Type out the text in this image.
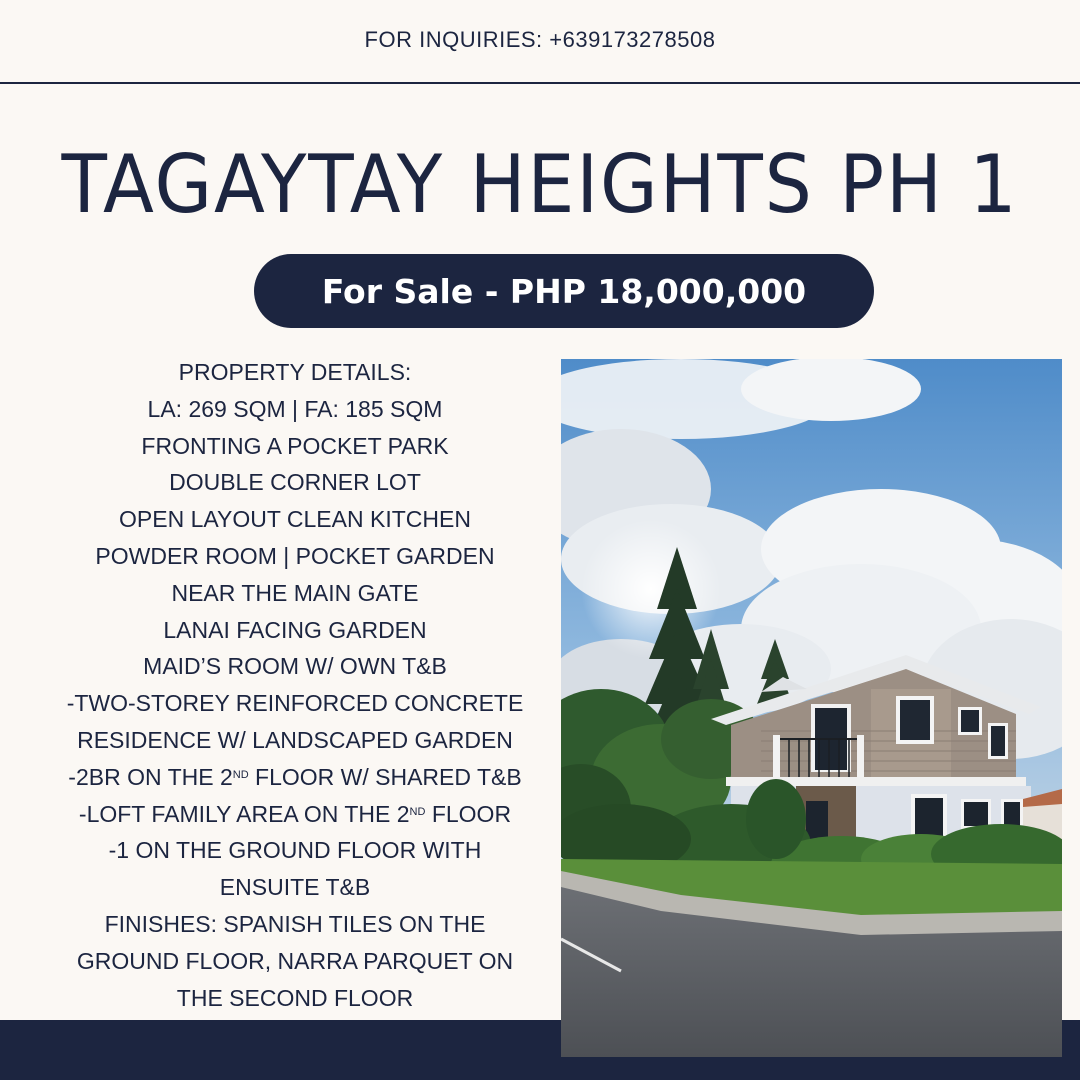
FOR INQUIRIES: +639173278508
TAGAYTAY HEIGHTS PH 1
For Sale - PHP 18,000,000
PROPERTY DETAILS:
LA: 269 SQM | FA: 185 SQM
FRONTING A POCKET PARK
DOUBLE CORNER LOT
OPEN LAYOUT CLEAN KITCHEN
POWDER ROOM | POCKET GARDEN
NEAR THE MAIN GATE
LANAI FACING GARDEN
MAID’S ROOM W/ OWN T&B
-TWO-STOREY REINFORCED CONCRETE
RESIDENCE W/ LANDSCAPED GARDEN
-2BR ON THE 2ND FLOOR W/ SHARED T&B
-LOFT FAMILY AREA ON THE 2ND FLOOR
-1 ON THE GROUND FLOOR WITH
ENSUITE T&B
FINISHES: SPANISH TILES ON THE
GROUND FLOOR, NARRA PARQUET ON
THE SECOND FLOOR
